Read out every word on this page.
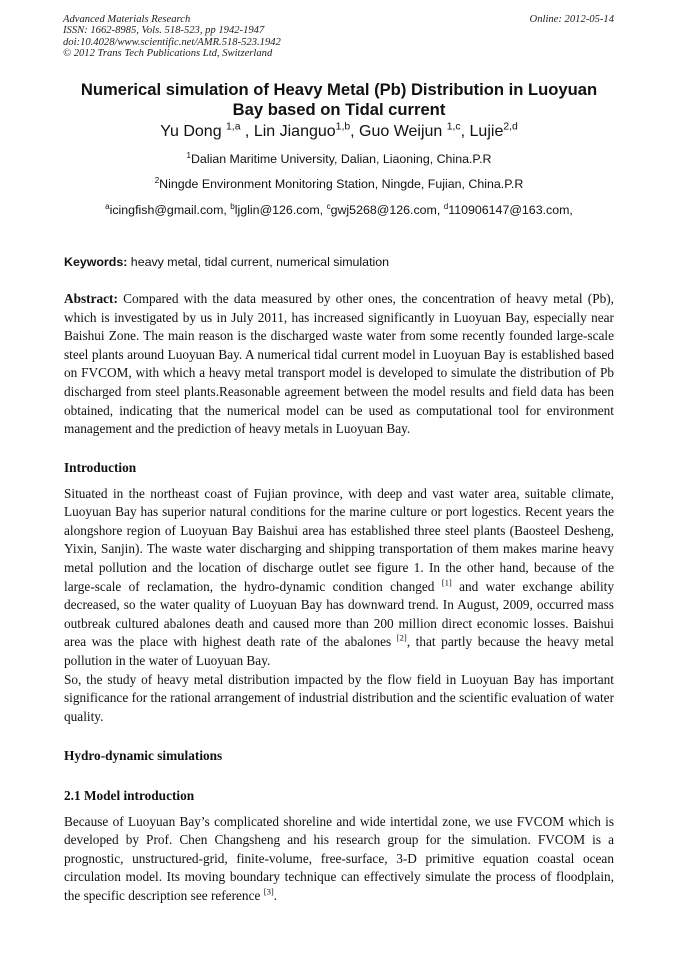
Advanced Materials Research
ISSN: 1662-8985, Vols. 518-523, pp 1942-1947
doi:10.4028/www.scientific.net/AMR.518-523.1942
© 2012 Trans Tech Publications Ltd, Switzerland
Online: 2012-05-14
Numerical simulation of Heavy Metal (Pb) Distribution in Luoyuan Bay based on Tidal current
Yu Dong $^{1,a}$ , Lin Jianguo$^{1,b}$, Guo Weijun $^{1,c}$, Lujie$^{2,d}$
$^1$Dalian Maritime University, Dalian, Liaoning, China.P.R
$^2$Ningde Environment Monitoring Station, Ningde, Fujian, China.P.R
$^a$icingfish@gmail.com, $^b$ljglin@126.com, $^c$gwj5268@126.com, $^d$110906147@163.com,
Keywords: heavy metal, tidal current, numerical simulation
Abstract: Compared with the data measured by other ones, the concentration of heavy metal (Pb), which is investigated by us in July 2011, has increased significantly in Luoyuan Bay, especially near Baishui Zone. The main reason is the discharged waste water from some recently founded large-scale steel plants around Luoyuan Bay. A numerical tidal current model in Luoyuan Bay is established based on FVCOM, with which a heavy metal transport model is developed to simulate the distribution of Pb discharged from steel plants.Reasonable agreement between the model results and field data has been obtained, indicating that the numerical model can be used as computational tool for environment management and the prediction of heavy metals in Luoyuan Bay.
Introduction

Situated in the northeast coast of Fujian province, with deep and vast water area, suitable climate, Luoyuan Bay has superior natural conditions for the marine culture or port logestics. Recent years the alongshore region of Luoyuan Bay Baishui area has established three steel plants (Baosteel Desheng, Yixin, Sanjin). The waste water discharging and shipping transportation of them makes marine heavy metal pollution and the location of discharge outlet see figure 1. In the other hand, because of the large-scale of reclamation, the hydro-dynamic condition changed [1] and water exchange ability decreased, so the water quality of Luoyuan Bay has downward trend. In August, 2009, occurred mass outbreak cultured abalones death and caused more than 200 million direct economic losses. Baishui area was the place with highest death rate of the abalones [2], that partly because the heavy metal pollution in the water of Luoyuan Bay.

So, the study of heavy metal distribution impacted by the flow field in Luoyuan Bay has important significance for the rational arrangement of industrial distribution and the scientific evaluation of water quality.

Hydro-dynamic simulations
2.1 Model introduction

Because of Luoyuan Bay’s complicated shoreline and wide intertidal zone, we use FVCOM which is developed by Prof. Chen Changsheng and his research group for the simulation. FVCOM is a prognostic, unstructured-grid, finite-volume, free-surface, 3-D primitive equation coastal ocean circulation model. Its moving boundary technique can effectively simulate the process of floodplain, the specific description see reference [3].
